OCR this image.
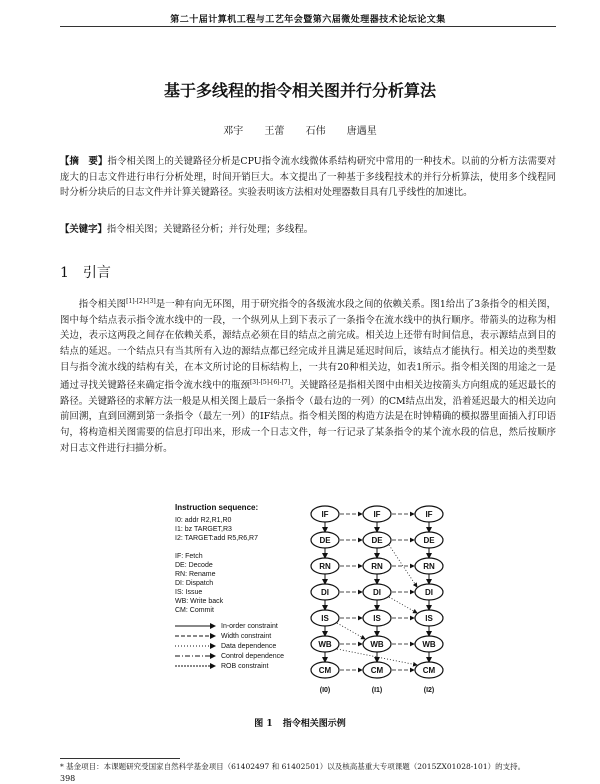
第二十届计算机工程与工艺年会暨第六届微处理器技术论坛论文集
基于多线程的指令相关图并行分析算法
邓宇 王蕾 石伟 唐遇星
【摘　要】指令相关图上的关键路径分析是CPU指令流水线微体系结构研究中常用的一种技术。以前的分析方法需要对庞大的日志文件进行串行分析处理，时间开销巨大。本文提出了一种基于多线程技术的并行分析算法，使用多个线程同时分析分块后的日志文件并计算关键路径。实验表明该方法相对处理器数目具有几乎线性的加速比。
【关键字】指令相关图；关键路径分析；并行处理；多线程。
1 引言

指令相关图[1]-[2]-[3]是一种有向无环图，用于研究指令的各级流水段之间的依赖关系。图1给出了3条指令的相关图，图中每个结点表示指令流水线中的一段，一个纵列从上到下表示了一条指令在流水线中的执行顺序。带箭头的边称为相关边，表示这两段之间存在依赖关系，源结点必须在目的结点之前完成。相关边上还带有时间信息，表示源结点到目的结点的延迟。一个结点只有当其所有入边的源结点都已经完成并且满足延迟时间后，该结点才能执行。相关边的类型数目与指令流水线的结构有关，在本文所讨论的目标结构上，一共有20种相关边，如表1所示。指令相关图的用途之一是通过寻找关键路径来确定指令流水线中的瓶颈[3]-[5]-[6]-[7]。关键路径是指相关图中由相关边按箭头方向组成的延迟最长的路径。关键路径的求解方法一般是从相关图上最后一条指令（最右边的一列）的CM结点出发，沿着延迟最大的相关边向前回溯，直到回溯到第一条指令（最左一列）的IF结点。指令相关图的构造方法是在时钟精确的模拟器里面插入打印语句，将构造相关图需要的信息打印出来，形成一个日志文件，每一行记录了某条指令的某个流水段的信息，然后按顺序对日志文件进行扫描分析。

Instruction sequence:
I0: addr R2,R1,R0
I1: bz TARGET,R3
I2: TARGET:add R5,R6,R7
IF: Fetch
DE: Decode
RN: Rename
DI: Dispatch
IS: Issue
WB: Write back
CM: Commit
In-order constraint
Width constraint
Data dependence
Control dependence
ROB constraint
IF
DE
RN
DI
IS
WB
CM
(I0)
IF
DE
RN
DI
IS
WB
CM
(I1)
IF
DE
RN
DI
IS
WB
CM
(I2)
图 1 指令相关图示例
* 基金项目：本课题研究受国家自然科学基金项目（61402497 和 61402501）以及核高基重大专项课题（2015ZX01028-101）的支持。
398
